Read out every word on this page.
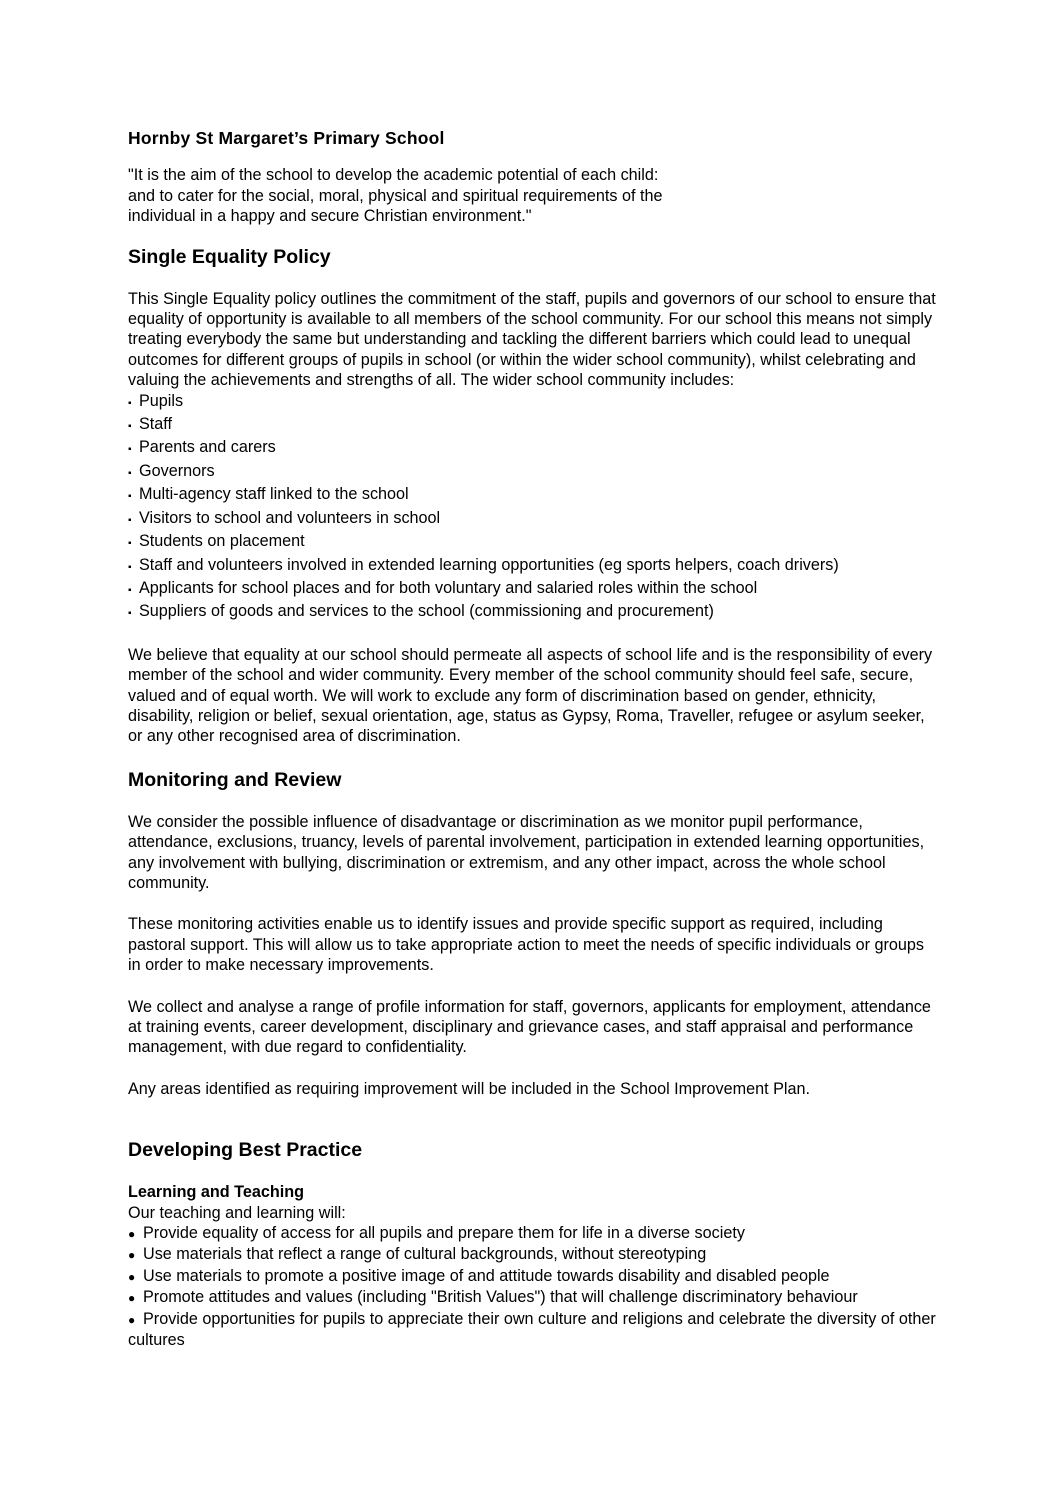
Hornby St Margaret’s Primary School
"It is the aim of the school to develop the academic potential of each child:
and to cater for the social, moral, physical and spiritual requirements of the
individual in a happy and secure Christian environment."
Single Equality Policy

This Single Equality policy outlines the commitment of the staff, pupils and governors of our school to ensure that equality of opportunity is available to all members of the school community. For our school this means not simply treating everybody the same but understanding and tackling the different barriers which could lead to unequal outcomes for different groups of pupils in school (or within the wider school community), whilst celebrating and valuing the achievements and strengths of all. The wider school community includes:

▪ Pupils
▪ Staff
▪ Parents and carers
▪ Governors
▪ Multi-agency staff linked to the school
▪ Visitors to school and volunteers in school
▪ Students on placement
▪ Staff and volunteers involved in extended learning opportunities (eg sports helpers, coach drivers)
▪ Applicants for school places and for both voluntary and salaried roles within the school
▪ Suppliers of goods and services to the school (commissioning and procurement)

We believe that equality at our school should permeate all aspects of school life and is the responsibility of every member of the school and wider community. Every member of the school community should feel safe, secure, valued and of equal worth. We will work to exclude any form of discrimination based on gender, ethnicity, disability, religion or belief, sexual orientation, age, status as Gypsy, Roma, Traveller, refugee or asylum seeker, or any other recognised area of discrimination.

Monitoring and Review

We consider the possible influence of disadvantage or discrimination as we monitor pupil performance, attendance, exclusions, truancy, levels of parental involvement, participation in extended learning opportunities, any involvement with bullying, discrimination or extremism, and any other impact, across the whole school community.

These monitoring activities enable us to identify issues and provide specific support as required, including pastoral support. This will allow us to take appropriate action to meet the needs of specific individuals or groups in order to make necessary improvements.

We collect and analyse a range of profile information for staff, governors, applicants for employment, attendance at training events, career development, disciplinary and grievance cases, and staff appraisal and performance management, with due regard to confidentiality.

Any areas identified as requiring improvement will be included in the School Improvement Plan.

Developing Best Practice
Learning and Teaching
Our teaching and learning will:
● Provide equality of access for all pupils and prepare them for life in a diverse society
● Use materials that reflect a range of cultural backgrounds, without stereotyping
● Use materials to promote a positive image of and attitude towards disability and disabled people
● Promote attitudes and values (including "British Values") that will challenge discriminatory behaviour
● Provide opportunities for pupils to appreciate their own culture and religions and celebrate the diversity of other cultures
